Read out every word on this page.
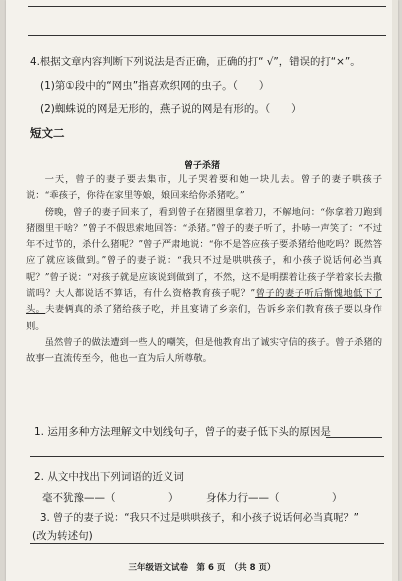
4.根据文章内容判断下列说法是否正确，正确的打“ √”，错误的打“×”。
(1)第①段中的“网虫”指喜欢织网的虫子。（　　）
(2)蜘蛛说的网是无形的，燕子说的网是有形的。（　　）
短文二
曾子杀猪

一天，曾子的妻子要去集市，儿子哭着要和她一块儿去。曾子的妻子哄孩子说：“乖孩子，你待在家里等娘，娘回来给你杀猪吃。”

傍晚，曾子的妻子回来了，看到曾子在猪圈里拿着刀，不解地问：“你拿着刀跑到猪圈里干啥？”曾子不假思索地回答：“杀猪。”曾子的妻子听了，扑哧一声笑了：“不过年不过节的，杀什么猪呢？”曾子严肃地说：“你不是答应孩子要杀猪给他吃吗？既然答应了就应该做到。”曾子的妻子说：“我只不过是哄哄孩子，和小孩子说话何必当真呢？”曾子说：“对孩子就是应该说到做到了，不然，这不是明摆着让孩子学着家长去撒谎吗？大人都说话不算话，有什么资格教育孩子呢？”曾子的妻子听后惭愧地低下了头。夫妻俩真的杀了猪给孩子吃，并且宴请了乡亲们，告诉乡亲们教育孩子要以身作则。

虽然曾子的做法遭到一些人的嘲笑，但是他教育出了诚实守信的孩子。曾子杀猪的故事一直流传至今，他也一直为后人所尊敬。

1. 运用多种方法理解文中划线句子，曾子的妻子低下头的原因是
2. 从文中找出下列词语的近义词
毫不犹豫——（　　　　　）	身体力行——（　　　　　）
3. 曾子的妻子说：“我只不过是哄哄孩子，和小孩子说话何必当真呢？”
(改为转述句)
三年级语文试卷　第 6 页　（共 8 页）
